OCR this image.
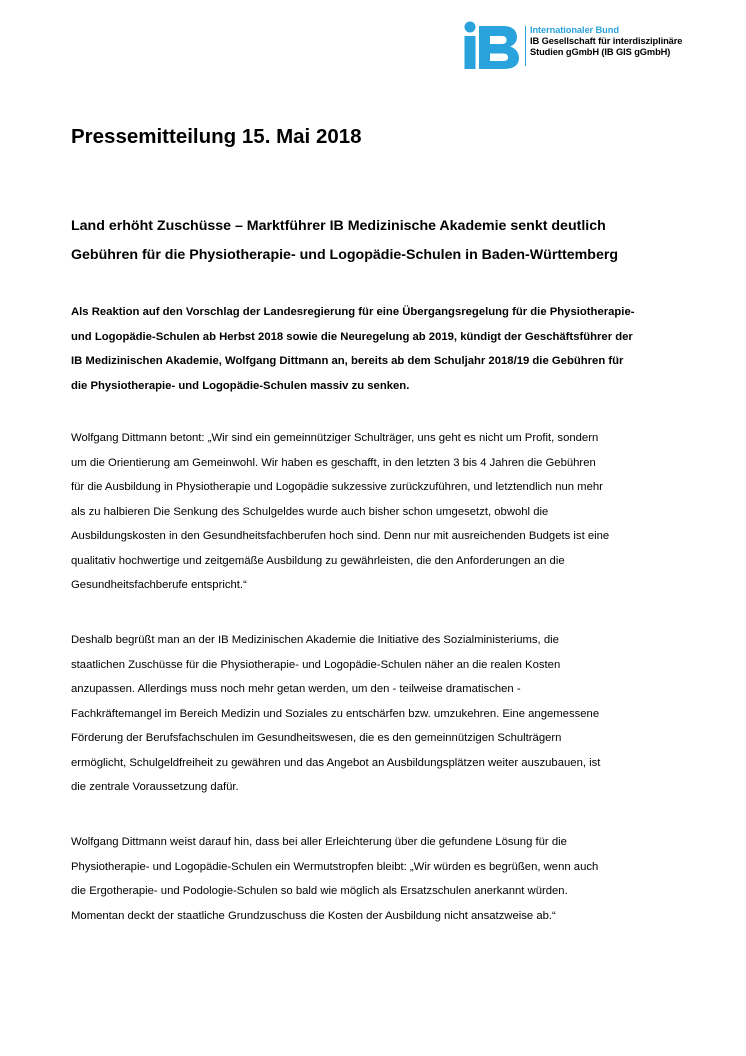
Internationaler Bund
IB Gesellschaft für interdisziplinäre
Studien gGmbH (IB GIS gGmbH)
Pressemitteilung 15. Mai 2018
Land erhöht Zuschüsse – Marktführer IB Medizinische Akademie senkt deutlich
Gebühren für die Physiotherapie- und Logopädie-Schulen in Baden-Württemberg

Als Reaktion auf den Vorschlag der Landesregierung für eine Übergangsregelung für die Physiotherapie-
und Logopädie-Schulen ab Herbst 2018 sowie die Neuregelung ab 2019, kündigt der Geschäftsführer der
IB Medizinischen Akademie, Wolfgang Dittmann an, bereits ab dem Schuljahr 2018/19 die Gebühren für
die Physiotherapie- und Logopädie-Schulen massiv zu senken.

Wolfgang Dittmann betont: „Wir sind ein gemeinnütziger Schulträger, uns geht es nicht um Profit, sondern
um die Orientierung am Gemeinwohl. Wir haben es geschafft, in den letzten 3 bis 4 Jahren die Gebühren
für die Ausbildung in Physiotherapie und Logopädie sukzessive zurückzuführen, und letztendlich nun mehr
als zu halbieren Die Senkung des Schulgeldes wurde auch bisher schon umgesetzt, obwohl die
Ausbildungskosten in den Gesundheitsfachberufen hoch sind. Denn nur mit ausreichenden Budgets ist eine
qualitativ hochwertige und zeitgemäße Ausbildung zu gewährleisten, die den Anforderungen an die
Gesundheitsfachberufe entspricht.“

Deshalb begrüßt man an der IB Medizinischen Akademie die Initiative des Sozialministeriums, die
staatlichen Zuschüsse für die Physiotherapie- und Logopädie-Schulen näher an die realen Kosten
anzupassen. Allerdings muss noch mehr getan werden, um den - teilweise dramatischen -
Fachkräftemangel im Bereich Medizin und Soziales zu entschärfen bzw. umzukehren. Eine angemessene
Förderung der Berufsfachschulen im Gesundheitswesen, die es den gemeinnützigen Schulträgern
ermöglicht, Schulgeldfreiheit zu gewähren und das Angebot an Ausbildungsplätzen weiter auszubauen, ist
die zentrale Voraussetzung dafür.

Wolfgang Dittmann weist darauf hin, dass bei aller Erleichterung über die gefundene Lösung für die
Physiotherapie- und Logopädie-Schulen ein Wermutstropfen bleibt: „Wir würden es begrüßen, wenn auch
die Ergotherapie- und Podologie-Schulen so bald wie möglich als Ersatzschulen anerkannt würden.
Momentan deckt der staatliche Grundzuschuss die Kosten der Ausbildung nicht ansatzweise ab.“
